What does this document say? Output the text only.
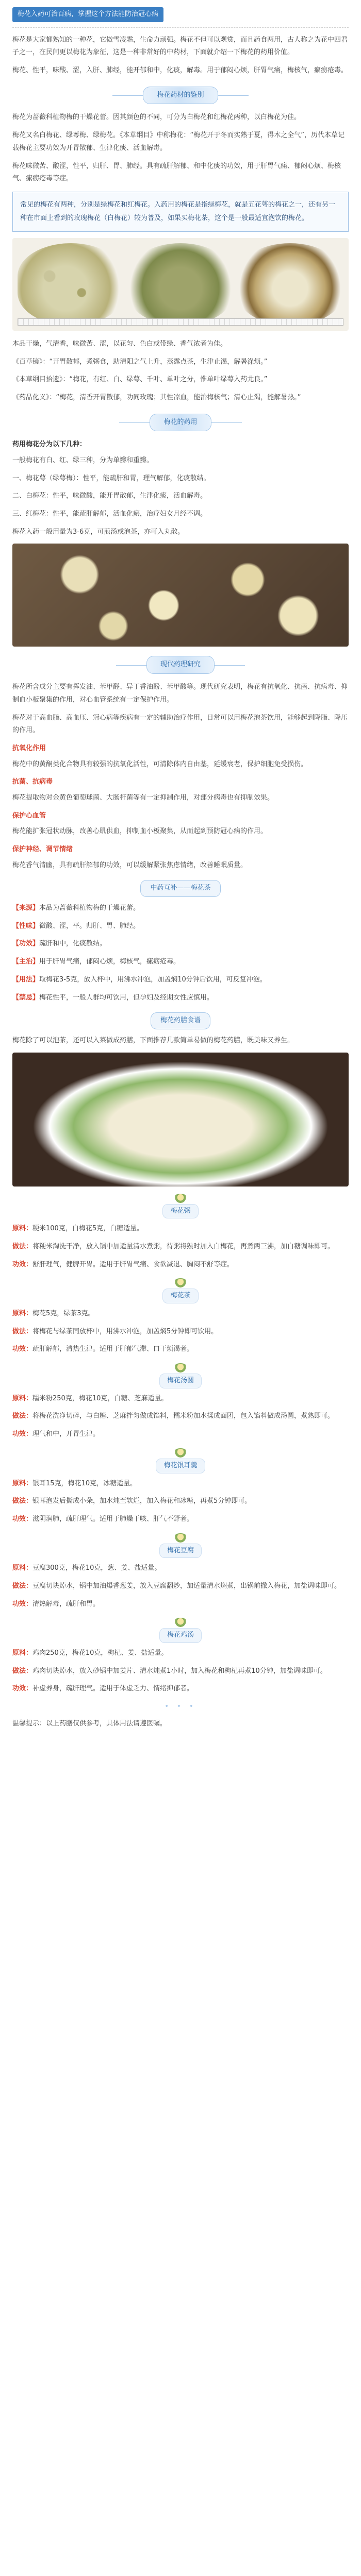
梅花入药可治百病，掌握这个方法能防治冠心病

梅花是大家都熟知的一种花，它傲雪凌霜，生命力顽强。梅花不但可以观赏，而且药食两用，古人称之为花中四君子之一，在民间更以梅花为象征，这是一种非常好的中药材，下面就介绍一下梅花的药用价值。

梅花、性平，味酸、涩，入肝、肺经，能开郁和中，化痰，解毒。用于郁闷心烦，肝胃气痛，梅核气，瘰疬疮毒。

梅花药材的鉴别

梅花为蔷薇科植物梅的干燥花蕾。因其颜色的不同，可分为白梅花和红梅花两种，以白梅花为佳。

梅花又名白梅花、绿萼梅、绿梅花。《本草纲目》中称梅花：“梅花开于冬而实熟于夏，得木之全气”，历代本草记载梅花主要功效为开胃散郁、生津化痰、活血解毒。

梅花味微苦、酸涩，性平，归肝、胃、肺经。具有疏肝解郁、和中化痰的功效，用于肝胃气痛、郁闷心烦、梅核气、瘰疬疮毒等症。

常见的梅花有两种，分别是绿梅花和红梅花。入药用的梅花是指绿梅花，就是五花萼的梅花之一，还有另一种在市面上看到的玫瑰梅花（白梅花）较为普及，如果买梅花茶，这个是一般最适宜泡饮的梅花。

本品干燥，气清香，味微苦、涩，以花匀、色白或带绿、香气浓者为佳。

《百草镜》：“开胃散郁，煮粥食，助清阳之气上升，蒸露点茶，生津止渴，解暑涤烦。”

《本草纲目拾遗》：“梅花，有红、白、绿萼、千叶、单叶之分，惟单叶绿萼入药尤良。”

《药品化义》：“梅花，清香开胃散郁，功同玫瑰；其性凉血，能治梅核气；清心止渴，能解暑热。”

梅花的药用

药用梅花分为以下几种：

一般梅花有白、红、绿三种，分为单瓣和重瓣。

一、梅花萼（绿萼梅）：性平，能疏肝和胃，理气解郁，化痰散结。

二、白梅花：性平，味微酸，能开胃散郁，生津化痰，活血解毒。

三、红梅花：性平，能疏肝解郁，活血化瘀，治疗妇女月经不调。

梅花入药一般用量为3-6克，可煎汤或泡茶，亦可入丸散。

现代药理研究

梅花所含成分主要有挥发油、苯甲醛、异丁香油酚、苯甲酸等。现代研究表明，梅花有抗氧化、抗菌、抗病毒、抑制血小板聚集的作用，对心血管系统有一定保护作用。

梅花对于高血脂、高血压、冠心病等疾病有一定的辅助治疗作用，日常可以用梅花泡茶饮用，能够起到降脂、降压的作用。

抗氧化作用

梅花中的黄酮类化合物具有较强的抗氧化活性，可清除体内自由基，延缓衰老，保护细胞免受损伤。

抗菌、抗病毒

梅花提取物对金黄色葡萄球菌、大肠杆菌等有一定抑制作用，对部分病毒也有抑制效果。

保护心血管

梅花能扩张冠状动脉，改善心肌供血，抑制血小板聚集，从而起到预防冠心病的作用。

保护神经、调节情绪

梅花香气清幽，具有疏肝解郁的功效，可以缓解紧张焦虑情绪，改善睡眠质量。

中药互补——梅花茶

【来源】本品为蔷薇科植物梅的干燥花蕾。

【性味】微酸、涩，平。归肝、胃、肺经。

【功效】疏肝和中，化痰散结。

【主治】用于肝胃气痛，郁闷心烦，梅核气，瘰疬疮毒。

【用法】取梅花3-5克，放入杯中，用沸水冲泡，加盖焖10分钟后饮用，可反复冲泡。

【禁忌】梅花性平，一般人群均可饮用，但孕妇及经期女性应慎用。

梅花药膳食谱

梅花除了可以泡茶，还可以入菜做成药膳，下面推荐几款简单易做的梅花药膳，既美味又养生。

梅花粥

原料：粳米100克，白梅花5克，白糖适量。

做法：将粳米淘洗干净，放入锅中加适量清水煮粥，待粥将熟时加入白梅花，再煮两三沸，加白糖调味即可。

功效：舒肝理气，健脾开胃。适用于肝胃气痛、食欲减退、胸闷不舒等症。

梅花茶

原料：梅花5克，绿茶3克。

做法：将梅花与绿茶同放杯中，用沸水冲泡，加盖焖5分钟即可饮用。

功效：疏肝解郁，清热生津。适用于肝郁气滞、口干烦渴者。

梅花汤圆

原料：糯米粉250克，梅花10克，白糖、芝麻适量。

做法：将梅花洗净切碎，与白糖、芝麻拌匀做成馅料，糯米粉加水揉成面团，包入馅料做成汤圆，煮熟即可。

功效：理气和中，开胃生津。

梅花银耳羹

原料：银耳15克，梅花10克，冰糖适量。

做法：银耳泡发后撕成小朵，加水炖至软烂，加入梅花和冰糖，再煮5分钟即可。

功效：滋阴润肺，疏肝理气。适用于肺燥干咳、肝气不舒者。

梅花豆腐

原料：豆腐300克，梅花10克，葱、姜、盐适量。

做法：豆腐切块焯水，锅中加油爆香葱姜，放入豆腐翻炒，加适量清水焖煮，出锅前撒入梅花，加盐调味即可。

功效：清热解毒，疏肝和胃。

梅花鸡汤

原料：鸡肉250克，梅花10克，枸杞、姜、盐适量。

做法：鸡肉切块焯水，放入砂锅中加姜片、清水炖煮1小时，加入梅花和枸杞再煮10分钟，加盐调味即可。

功效：补虚养身，疏肝理气。适用于体虚乏力、情绪抑郁者。

• • •

温馨提示：以上药膳仅供参考，具体用法请遵医嘱。
